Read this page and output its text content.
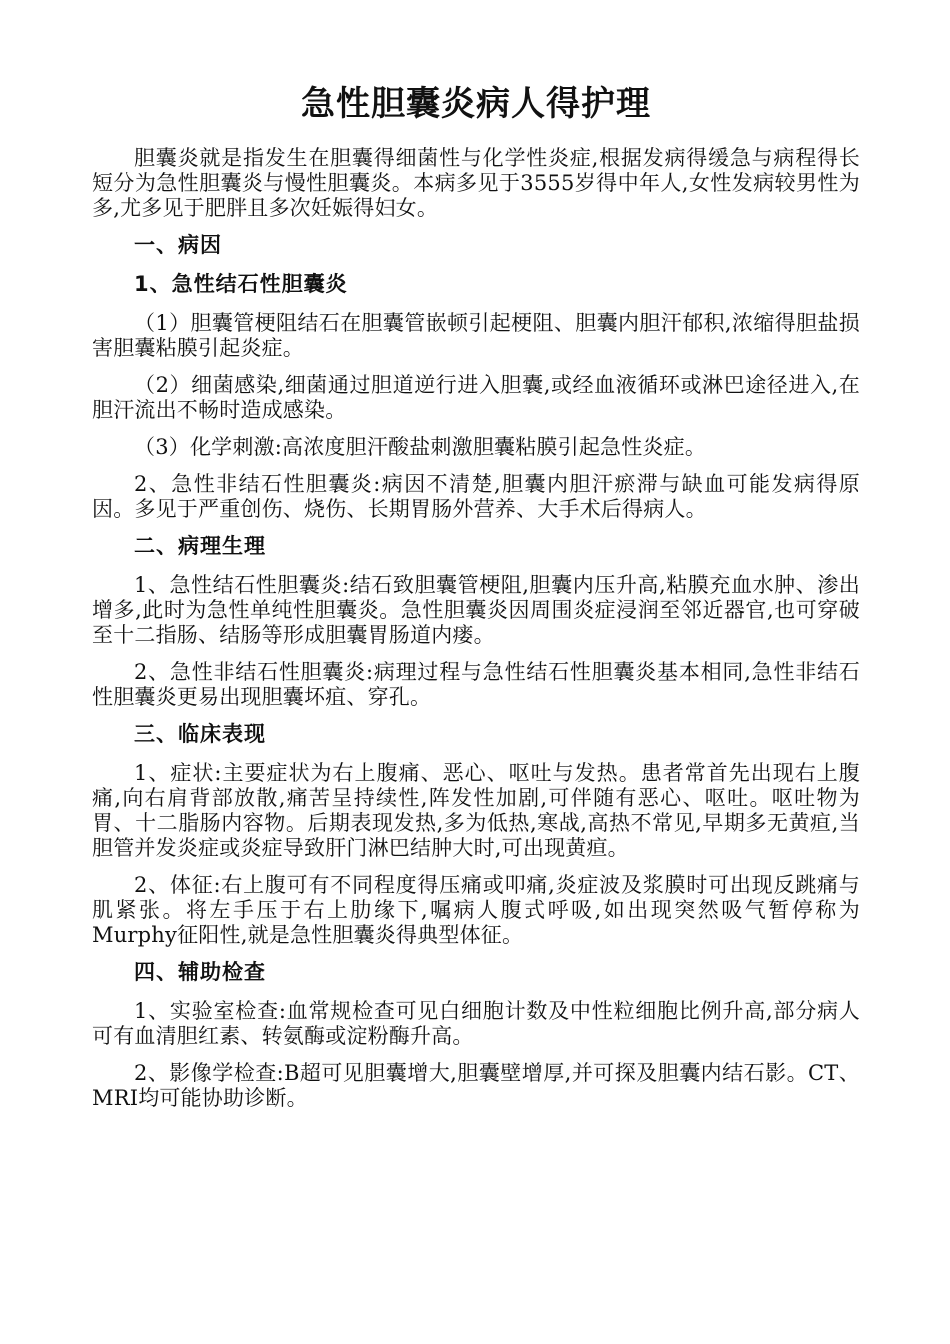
急性胆囊炎病人得护理

胆囊炎就是指发生在胆囊得细菌性与化学性炎症,根据发病得缓急与病程得长短分为急性胆囊炎与慢性胆囊炎。本病多见于3555岁得中年人,女性发病较男性为多,尤多见于肥胖且多次妊娠得妇女。

一、病因
1、急性结石性胆囊炎

（1）胆囊管梗阻结石在胆囊管嵌顿引起梗阻、胆囊内胆汗郁积,浓缩得胆盐损害胆囊粘膜引起炎症。

（2）细菌感染,细菌通过胆道逆行进入胆囊,或经血液循环或淋巴途径进入,在胆汗流出不畅时造成感染。

（3）化学刺激:高浓度胆汗酸盐刺激胆囊粘膜引起急性炎症。

2、急性非结石性胆囊炎:病因不清楚,胆囊内胆汗瘀滞与缺血可能发病得原因。多见于严重创伤、烧伤、长期胃肠外营养、大手术后得病人。

二、病理生理

1、急性结石性胆囊炎:结石致胆囊管梗阻,胆囊内压升高,粘膜充血水肿、渗出增多,此时为急性单纯性胆囊炎。急性胆囊炎因周围炎症浸润至邻近器官,也可穿破至十二指肠、结肠等形成胆囊胃肠道内瘘。

2、急性非结石性胆囊炎:病理过程与急性结石性胆囊炎基本相同,急性非结石性胆囊炎更易出现胆囊坏疽、穿孔。

三、临床表现

1、症状:主要症状为右上腹痛、恶心、呕吐与发热。患者常首先出现右上腹痛,向右肩背部放散,痛苦呈持续性,阵发性加剧,可伴随有恶心、呕吐。呕吐物为胃、十二脂肠内容物。后期表现发热,多为低热,寒战,高热不常见,早期多无黄疸,当胆管并发炎症或炎症导致肝门淋巴结肿大时,可出现黄疸。

2、体征:右上腹可有不同程度得压痛或叩痛,炎症波及浆膜时可出现反跳痛与肌紧张。将左手压于右上肋缘下,嘱病人腹式呼吸,如出现突然吸气暂停称为Murphy征阳性,就是急性胆囊炎得典型体征。

四、辅助检查

1、实验室检查:血常规检查可见白细胞计数及中性粒细胞比例升高,部分病人可有血清胆红素、转氨酶或淀粉酶升高。

2、影像学检查:B超可见胆囊增大,胆囊壁增厚,并可探及胆囊内结石影。CT、MRI均可能协助诊断。
